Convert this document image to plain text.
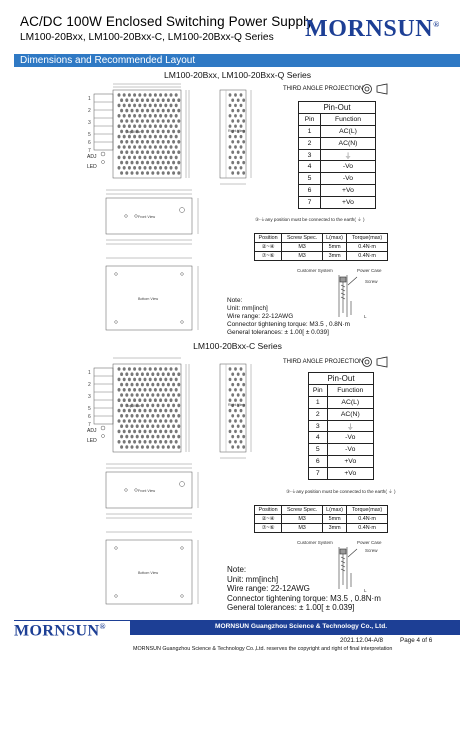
AC/DC 100W Enclosed Switching Power Supply
LM100-20Bxx, LM100-20Bxx-C, LM100-20Bxx-Q Series MORNSUN®
Dimensions and Recommended Layout
LM100-20Bxx, LM100-20Bxx-Q Series
1
2
3
5
6
7
ADJ
LED
Top View	Right View
Front View
Bottom View
THIRD ANGLE PROJECTION
Pin-Out	
Pin	Function
1	AC(L)
2	AC(N)
3	⏚
4	-Vo
5	-Vo
6	+Vo
7	+Vo
③-⏚any position must be connected to the earth( ⏚ )
Position	Screw Spec.	L(max)	Torque(max)
②~④	M3	5mm	0.4N·m
⑦~⑥	M3	3mm	0.4N·m
Customer System	Power Case
Screw
L
Note:
Unit: mm[inch]
Wire range: 22-12AWG
Connector tightening torque: M3.5 , 0.8N·m
General tolerances: ± 1.00[ ± 0.039]
LM100-20Bxx-C Series
1
2
3
5
6
7
ADJ
LED
Top View	Right View
Front View
Bottom View
THIRD ANGLE PROJECTION
Pin-Out	
Pin	Function
1	AC(L)
2	AC(N)
3	⏚
4	-Vo
5	-Vo
6	+Vo
7	+Vo
③-⏚any position must be connected to the earth( ⏚ )
Position	Screw Spec.	L(max)	Torque(max)
②~④	M3	5mm	0.4N·m
⑦~⑥	M3	3mm	0.4N·m
Customer System	Power Case
Screw
L
Note:
Unit: mm[inch]
Wire range: 22-12AWG
Connector tightening torque: M3.5 , 0.8N·m
General tolerances: ± 1.00[ ± 0.039]
MORNSUN®	MORNSUN Guangzhou Science & Technology Co., Ltd.
2021.12.04-A/8	Page 4 of 6
MORNSUN Guangzhou Science & Technology Co.,Ltd. reserves the copyright and right of final interpretation
